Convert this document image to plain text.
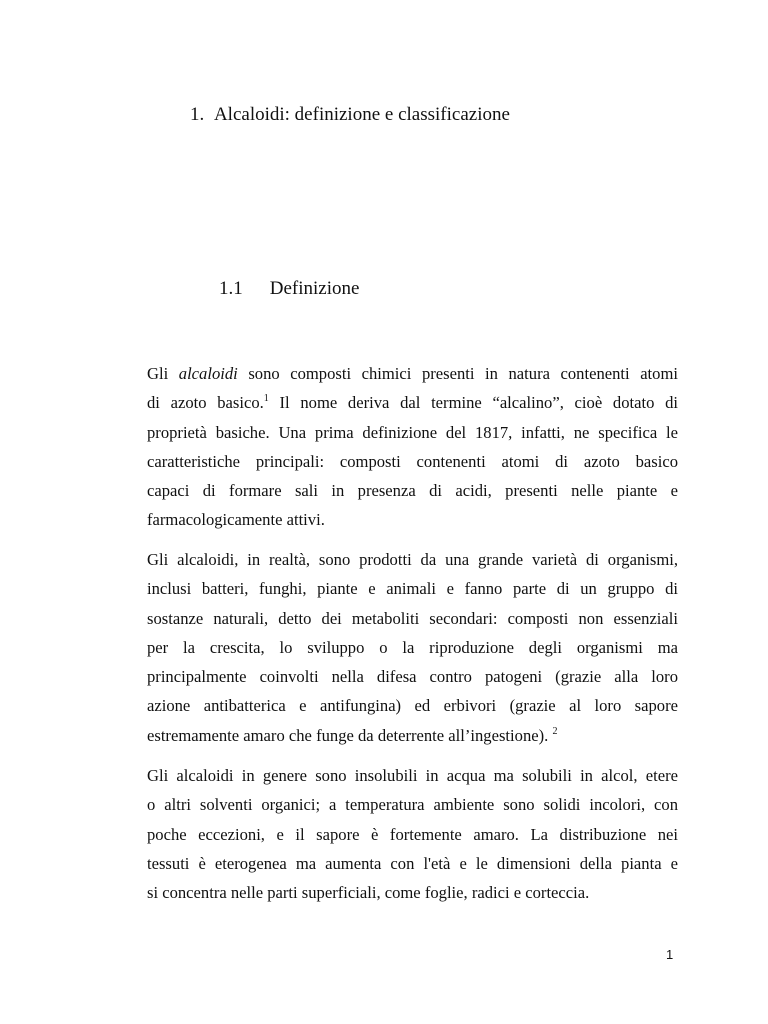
1. Alcaloidi: definizione e classificazione
1.1 Definizione
Gli alcaloidi sono composti chimici presenti in natura contenenti atomi
di azoto basico.$^1$ Il nome deriva dal termine “alcalino”, cioè dotato di
proprietà basiche. Una prima definizione del 1817, infatti, ne specifica le
caratteristiche principali: composti contenenti atomi di azoto basico
capaci di formare sali in presenza di acidi, presenti nelle piante e
farmacologicamente attivi.
Gli alcaloidi, in realtà, sono prodotti da una grande varietà di organismi,
inclusi batteri, funghi, piante e animali e fanno parte di un gruppo di
sostanze naturali, detto dei metaboliti secondari: composti non essenziali
per la crescita, lo sviluppo o la riproduzione degli organismi ma
principalmente coinvolti nella difesa contro patogeni (grazie alla loro
azione antibatterica e antifungina) ed erbivori (grazie al loro sapore
estremamente amaro che funge da deterrente all’ingestione). $^2$
Gli alcaloidi in genere sono insolubili in acqua ma solubili in alcol, etere
o altri solventi organici; a temperatura ambiente sono solidi incolori, con
poche eccezioni, e il sapore è fortemente amaro. La distribuzione nei
tessuti è eterogenea ma aumenta con l'età e le dimensioni della pianta e
si concentra nelle parti superficiali, come foglie, radici e corteccia.
1
